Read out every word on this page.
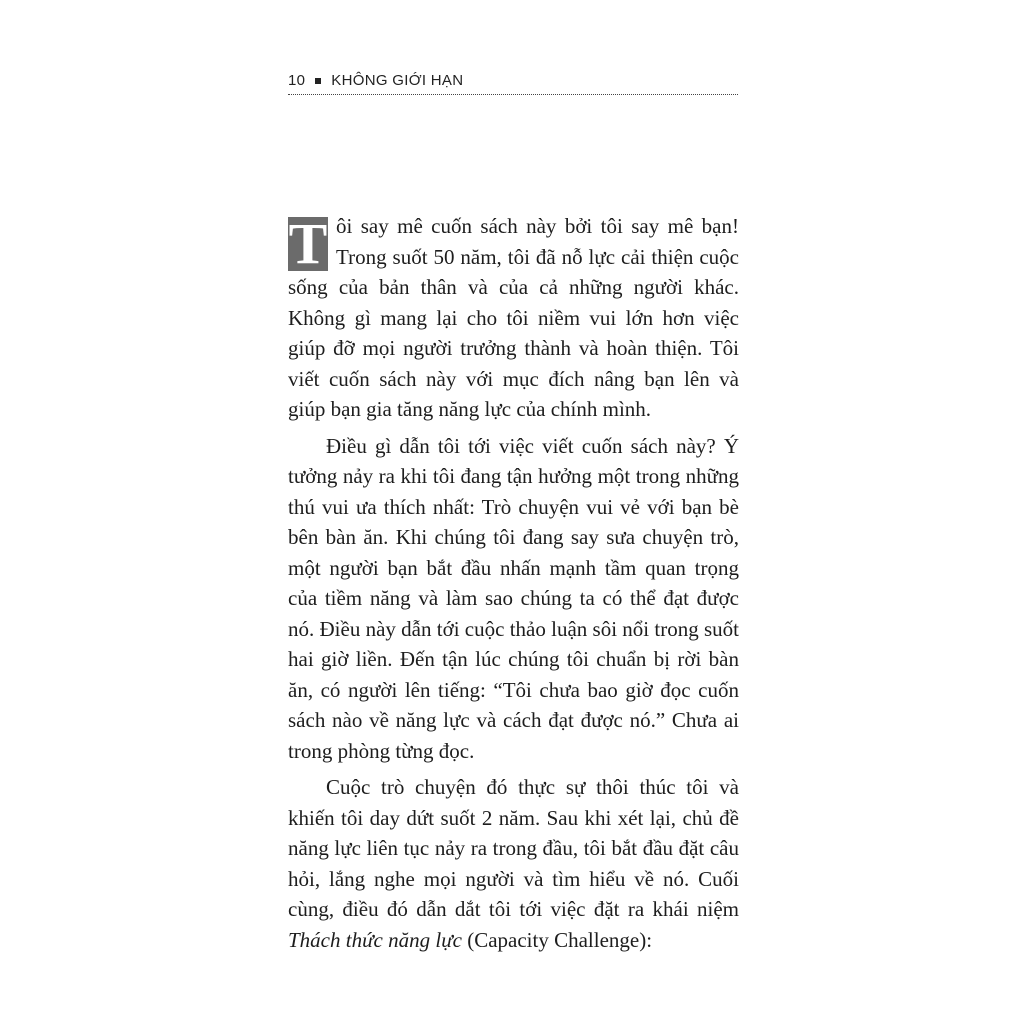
10 KHÔNG GIỚI HẠN

T ôi say mê cuốn sách này bởi tôi say mê bạn! Trong suốt 50 năm, tôi đã nỗ lực cải thiện cuộc sống của bản thân và của cả những người khác. Không gì mang lại cho tôi niềm vui lớn hơn việc giúp đỡ mọi người trưởng thành và hoàn thiện. Tôi viết cuốn sách này với mục đích nâng bạn lên và giúp bạn gia tăng năng lực của chính mình.

Điều gì dẫn tôi tới việc viết cuốn sách này? Ý tưởng nảy ra khi tôi đang tận hưởng một trong những thú vui ưa thích nhất: Trò chuyện vui vẻ với bạn bè bên bàn ăn. Khi chúng tôi đang say sưa chuyện trò, một người bạn bắt đầu nhấn mạnh tầm quan trọng của tiềm năng và làm sao chúng ta có thể đạt được nó. Điều này dẫn tới cuộc thảo luận sôi nổi trong suốt hai giờ liền. Đến tận lúc chúng tôi chuẩn bị rời bàn ăn, có người lên tiếng: “Tôi chưa bao giờ đọc cuốn sách nào về năng lực và cách đạt được nó.” Chưa ai trong phòng từng đọc.

Cuộc trò chuyện đó thực sự thôi thúc tôi và khiến tôi day dứt suốt 2 năm. Sau khi xét lại, chủ đề năng lực liên tục nảy ra trong đầu, tôi bắt đầu đặt câu hỏi, lắng nghe mọi người và tìm hiểu về nó. Cuối cùng, điều đó dẫn dắt tôi tới việc đặt ra khái niệm Thách thức năng lực (Capacity Challenge):
